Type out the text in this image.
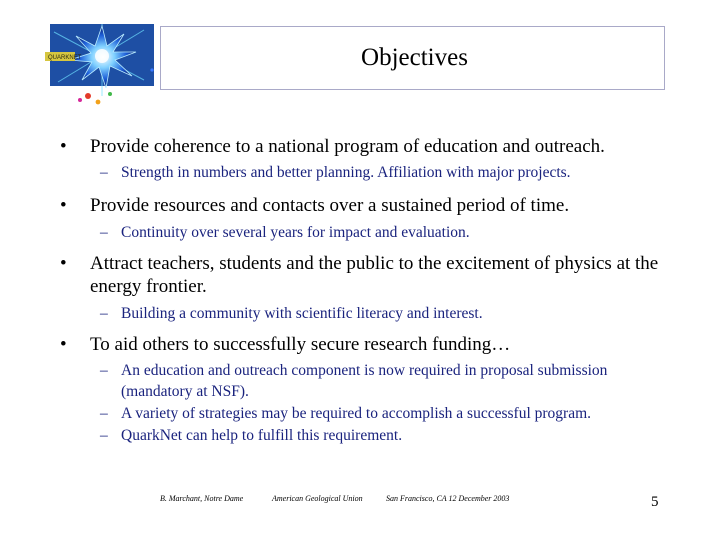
QUARKNET	Objectives

• Provide coherence to a national program of education and outreach.

– Strength in numbers and better planning. Affiliation with major projects.

• Provide resources and contacts over a sustained period of time.

– Continuity over several years for impact and evaluation.

• Attract teachers, students and the public to the excitement of physics at the energy frontier.

– Building a community with scientific literacy and interest.

• To aid others to successfully secure research funding…

– An education and outreach component is now required in proposal submission (mandatory at NSF).
– A variety of strategies may be required to accomplish a successful program.
– QuarkNet can help to fulfill this requirement.
B. Marchant, Notre Dame	American Geological Union	San Francisco, CA 12 December 2003	5
